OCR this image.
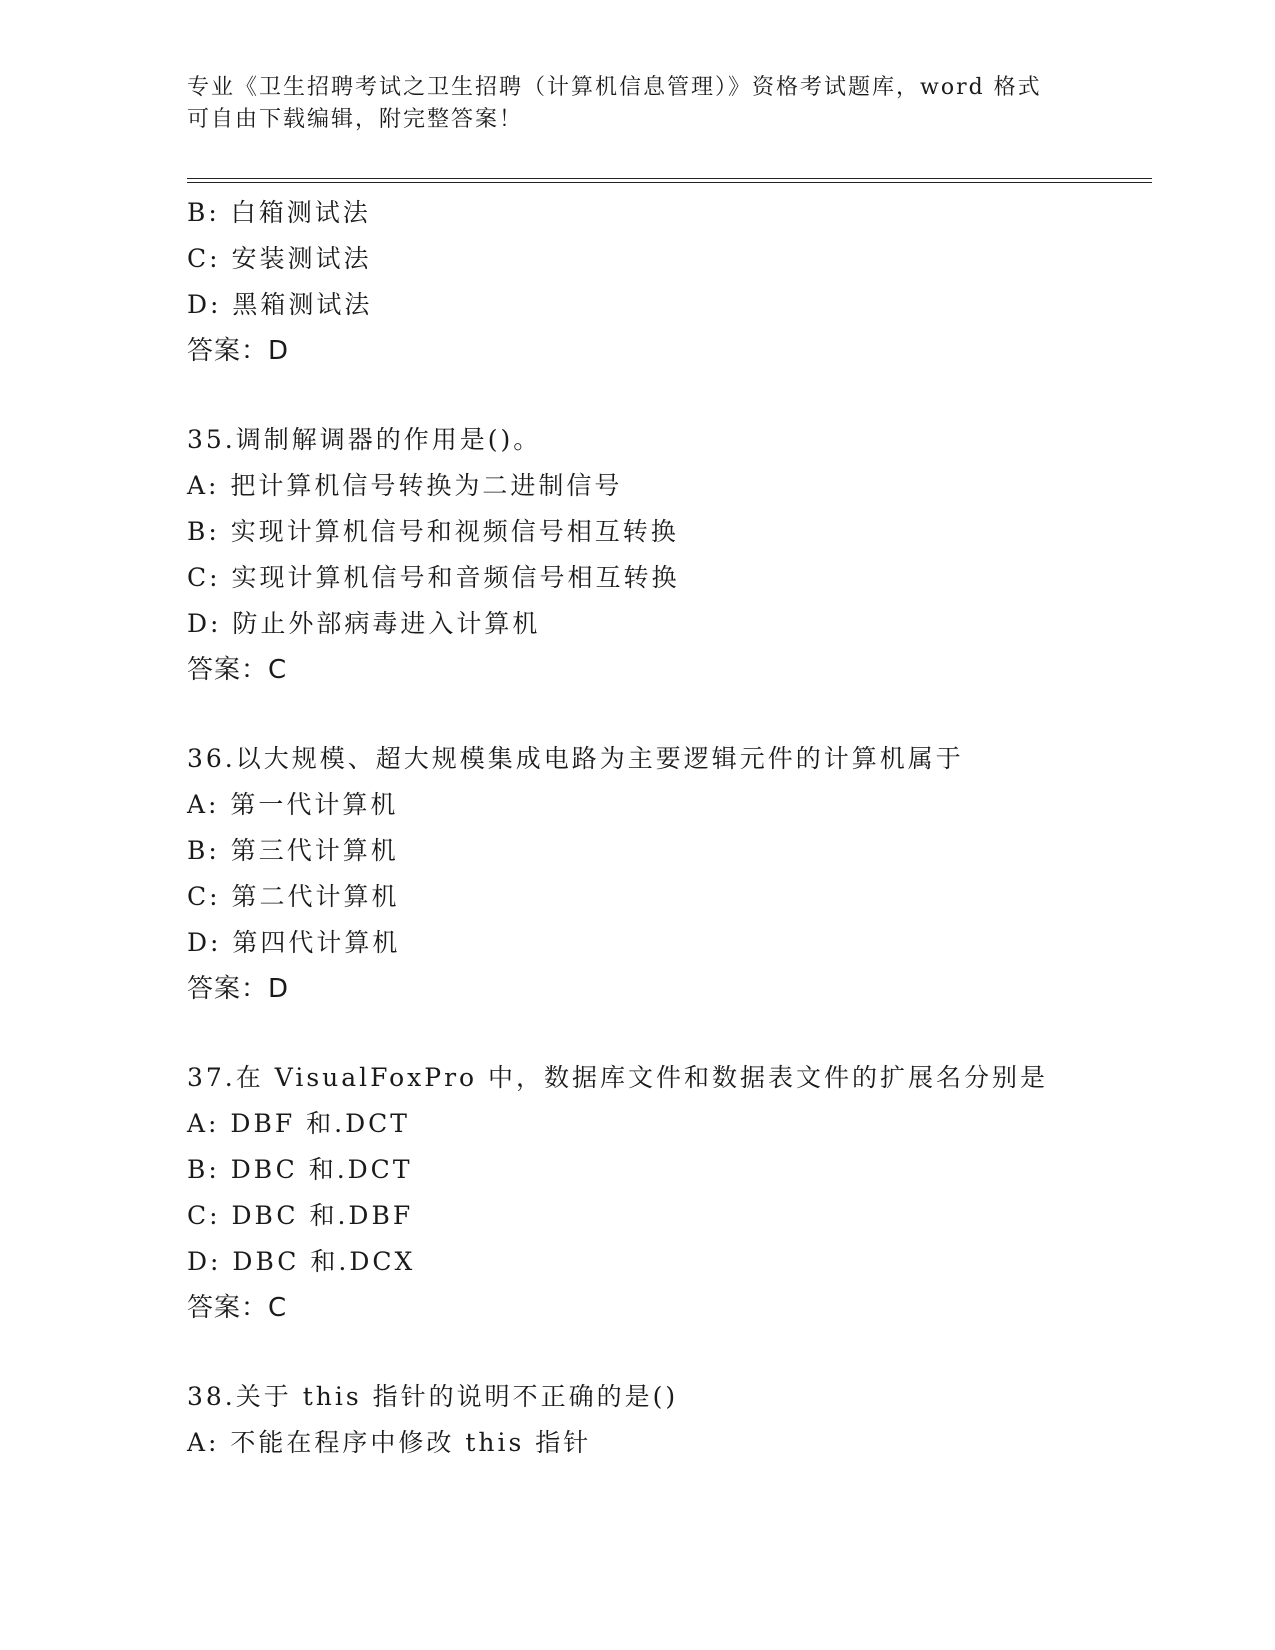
专业《卫生招聘考试之卫生招聘（计算机信息管理）》资格考试题库，word 格式
可自由下载编辑，附完整答案！
B: 白箱测试法
C: 安装测试法
D: 黑箱测试法
答案：D
35.调制解调器的作用是()。
A: 把计算机信号转换为二进制信号
B: 实现计算机信号和视频信号相互转换
C: 实现计算机信号和音频信号相互转换
D: 防止外部病毒进入计算机
答案：C
36.以大规模、超大规模集成电路为主要逻辑元件的计算机属于
A: 第一代计算机
B: 第三代计算机
C: 第二代计算机
D: 第四代计算机
答案：D
37.在 VisualFoxPro 中，数据库文件和数据表文件的扩展名分别是
A: DBF 和.DCT
B: DBC 和.DCT
C: DBC 和.DBF
D: DBC 和.DCX
答案：C
38.关于 this 指针的说明不正确的是()
A: 不能在程序中修改 this 指针
